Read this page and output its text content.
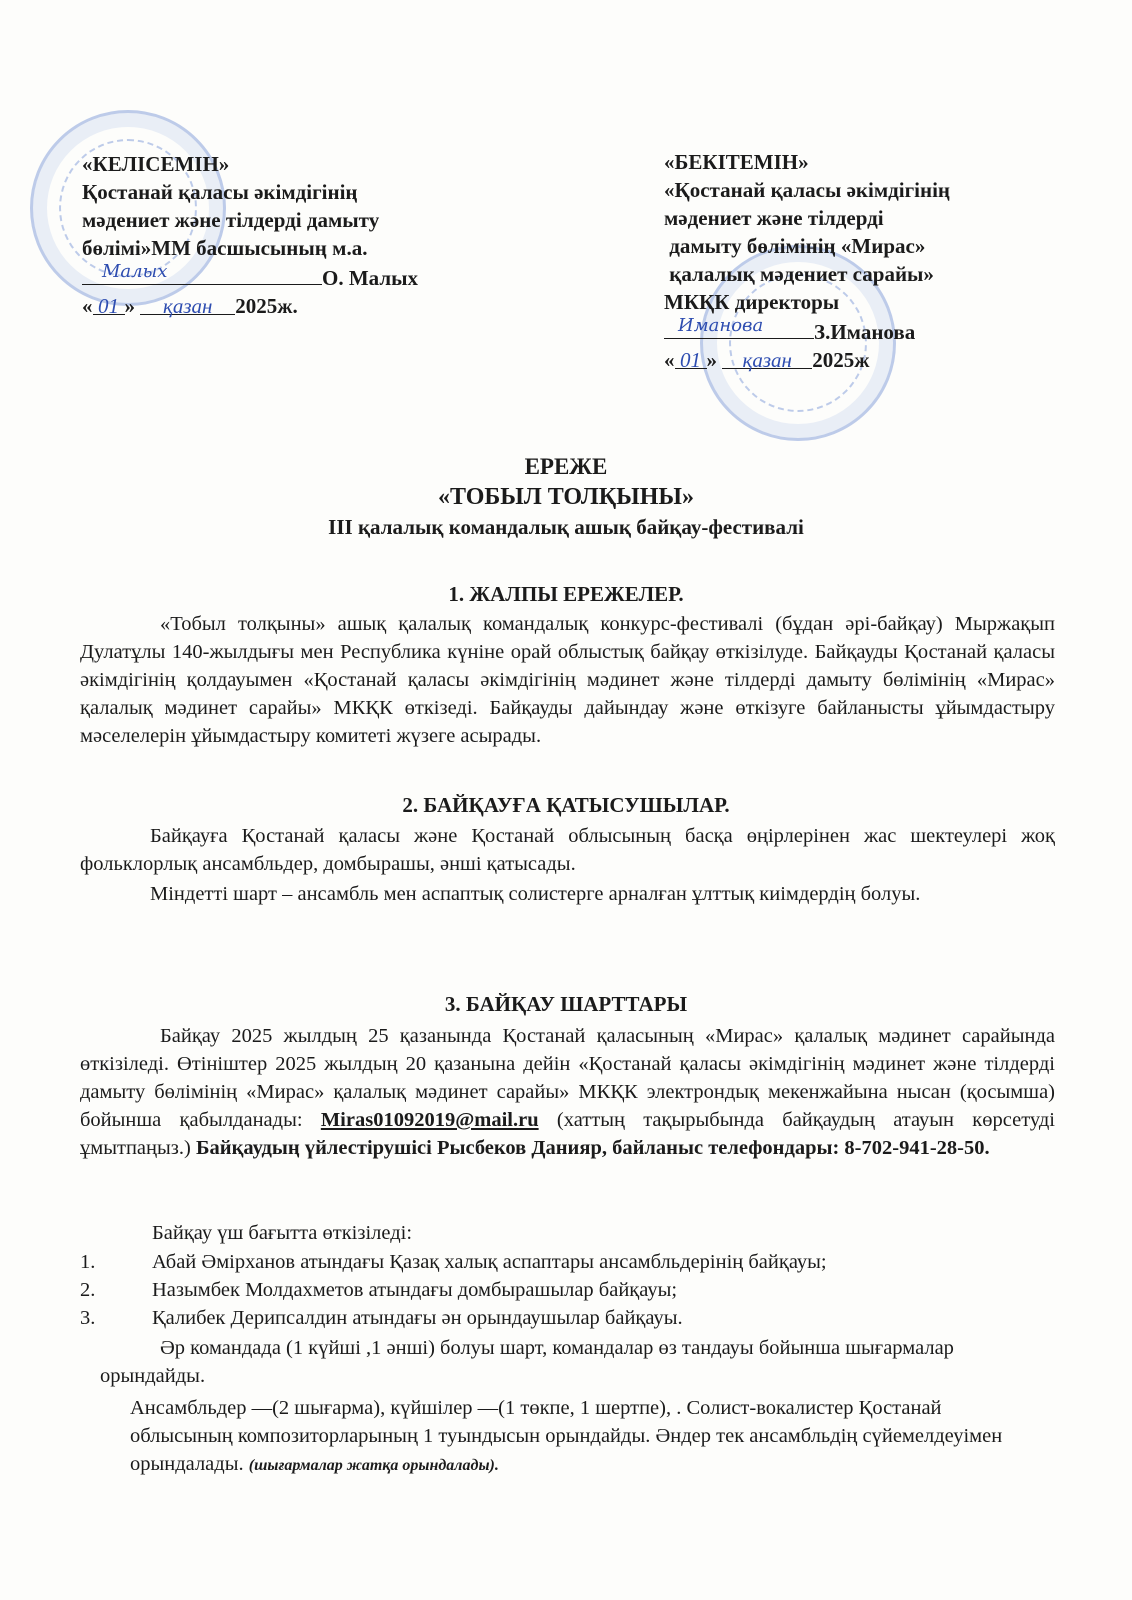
«КЕЛІСЕМІН»
Қостанай қаласы әкімдігінің
мәдениет және тілдерді дамыту
бөлімі»ММ басшысының м.а.
Малых	О. Малых
« 01 » қазан 2025ж.
«БЕКІТЕМІН»
«Қостанай қаласы әкімдігінің
мәдениет және тілдерді
дамыту бөлімінің «Мирас»
қалалық мәдениет сарайы»
МКҚК директоры
Иманова З.Иманова
« 01 » қазан 2025ж
ЕРЕЖЕ
«ТОБЫЛ ТОЛҚЫНЫ»
ІІІ қалалық командалық ашық байқау-фестивалі
1. ЖАЛПЫ ЕРЕЖЕЛЕР.
«Тобыл толқыны» ашық қалалық командалық конкурс-фестивалі (бұдан әрі-байқау) Мыржақып Дулатұлы 140-жылдығы мен Республика күніне орай облыстық байқау өткізілуде. Байқауды Қостанай қаласы әкімдігінің қолдауымен «Қостанай қаласы әкімдігінің мәдинет және тілдерді дамыту бөлімінің «Мирас» қалалық мәдинет сарайы» МКҚК өткізеді. Байқауды дайындау және өткізуге байланысты ұйымдастыру мәселелерін ұйымдастыру комитеті жүзеге асырады.
2. БАЙҚАУҒА ҚАТЫСУШЫЛАР.
Байқауға Қостанай қаласы және Қостанай облысының басқа өңірлерінен жас шектеулері жоқ фольклорлық ансамбльдер, домбырашы, әнші қатысады.
Міндетті шарт – ансамбль мен аспаптық солистерге арналған ұлттық киімдердің болуы.
3. БАЙҚАУ ШАРТТАРЫ
Байқау 2025 жылдың 25 қазанында Қостанай қаласының «Мирас» қалалық мәдинет сарайында өткізіледі. Өтініштер 2025 жылдың 20 қазанына дейін «Қостанай қаласы әкімдігінің мәдинет және тілдерді дамыту бөлімінің «Мирас» қалалық мәдинет сарайы» МКҚК электрондық мекенжайына нысан (қосымша) бойынша қабылданады: Miras01092019@mail.ru (хаттың тақырыбында байқаудың атауын көрсетуді ұмытпаңыз.) Байқаудың үйлестірушісі Рысбеков Данияр, байланыс телефондары: 8-702-941-28-50.
Байқау үш бағытта өткізіледі:
1.	Абай Әмірханов атындағы Қазақ халық аспаптары ансамбльдерінің байқауы;
2.	Назымбек Молдахметов атындағы домбырашылар байқауы;
3.	Қалибек Дерипсалдин атындағы ән орындаушылар байқауы.
Әр командада (1 күйші ,1 әнші) болуы шарт, командалар өз тандауы бойынша шығармалар орындайды.
Ансамбльдер —(2 шығарма), күйшілер —(1 төкпе, 1 шертпе), . Солист-вокалистер Қостанай облысының композиторларының 1 туындысын орындайды. Әндер тек ансамбльдің сүйемелдеуімен орындалады. (шығармалар жатқа орындалады).
